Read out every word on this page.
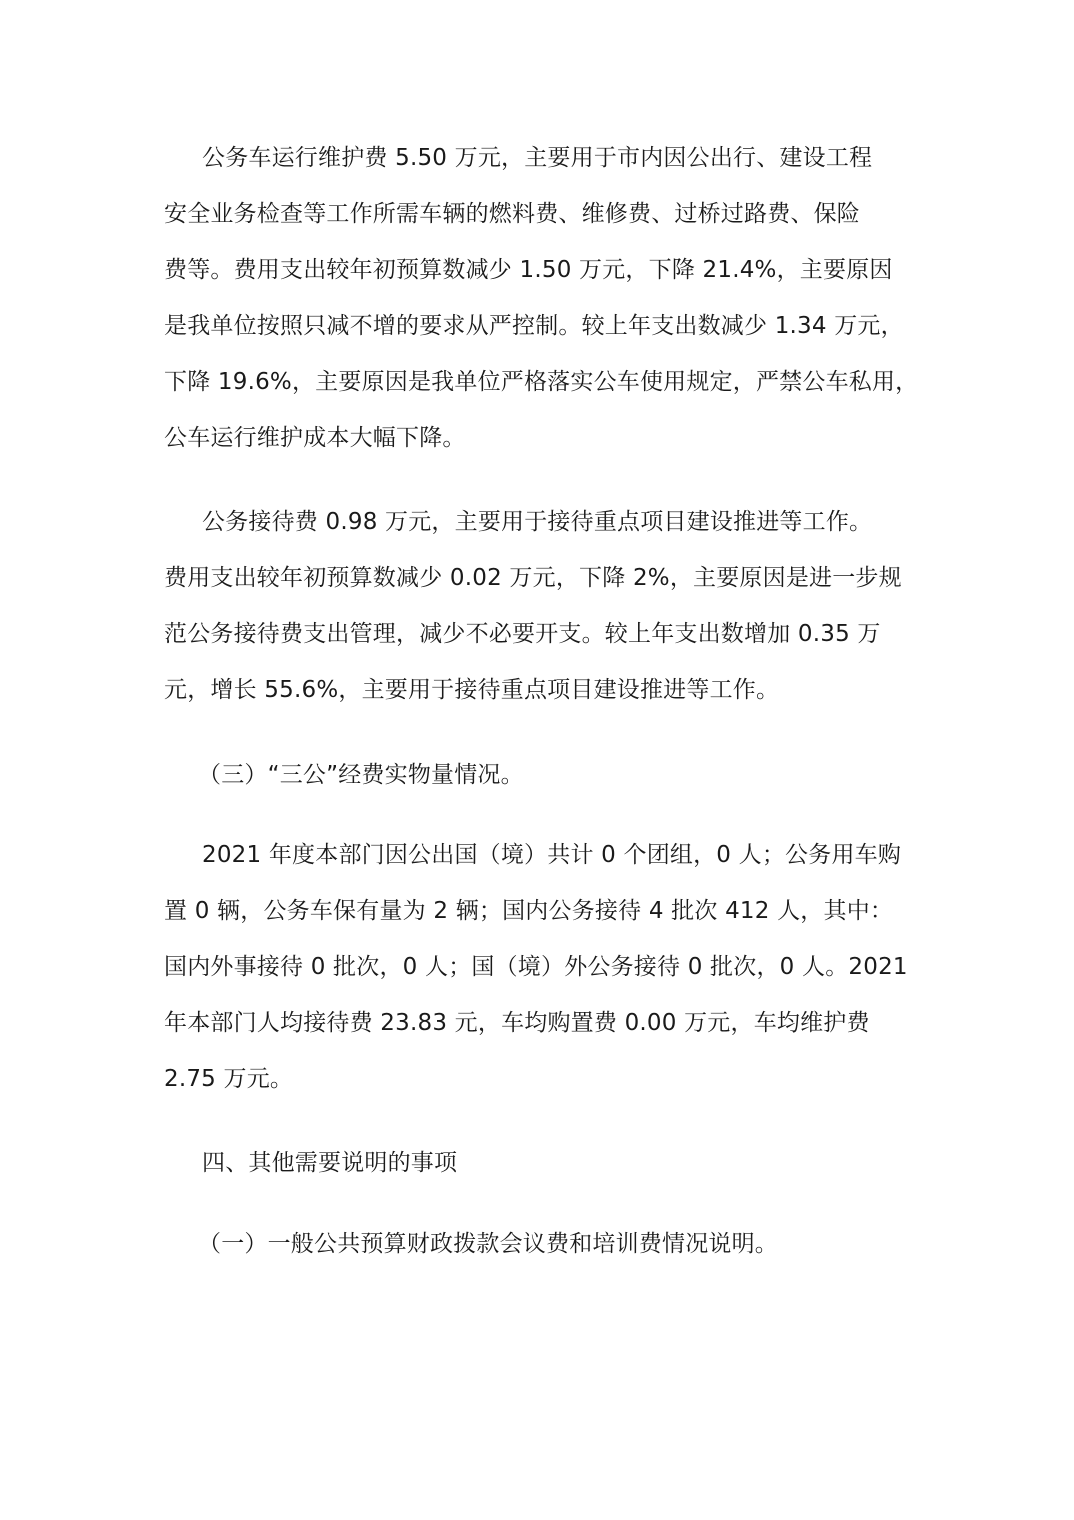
公务车运行维护费 5.50 万元，主要用于市内因公出行、建设工程
安全业务检查等工作所需车辆的燃料费、维修费、过桥过路费、保险
费等。费用支出较年初预算数减少 1.50 万元，下降 21.4%，主要原因
是我单位按照只减不增的要求从严控制。较上年支出数减少 1.34 万元，
下降 19.6%，主要原因是我单位严格落实公车使用规定，严禁公车私用，
公车运行维护成本大幅下降。
公务接待费 0.98 万元，主要用于接待重点项目建设推进等工作。
费用支出较年初预算数减少 0.02 万元，下降 2%，主要原因是进一步规
范公务接待费支出管理，减少不必要开支。较上年支出数增加 0.35 万
元，增长 55.6%，主要用于接待重点项目建设推进等工作。
（三）“三公”经费实物量情况。
2021 年度本部门因公出国（境）共计 0 个团组，0 人；公务用车购
置 0 辆，公务车保有量为 2 辆；国内公务接待 4 批次 412 人，其中：
国内外事接待 0 批次，0 人；国（境）外公务接待 0 批次，0 人。2021
年本部门人均接待费 23.83 元，车均购置费 0.00 万元，车均维护费
2.75 万元。
四、其他需要说明的事项
（一）一般公共预算财政拨款会议费和培训费情况说明。
